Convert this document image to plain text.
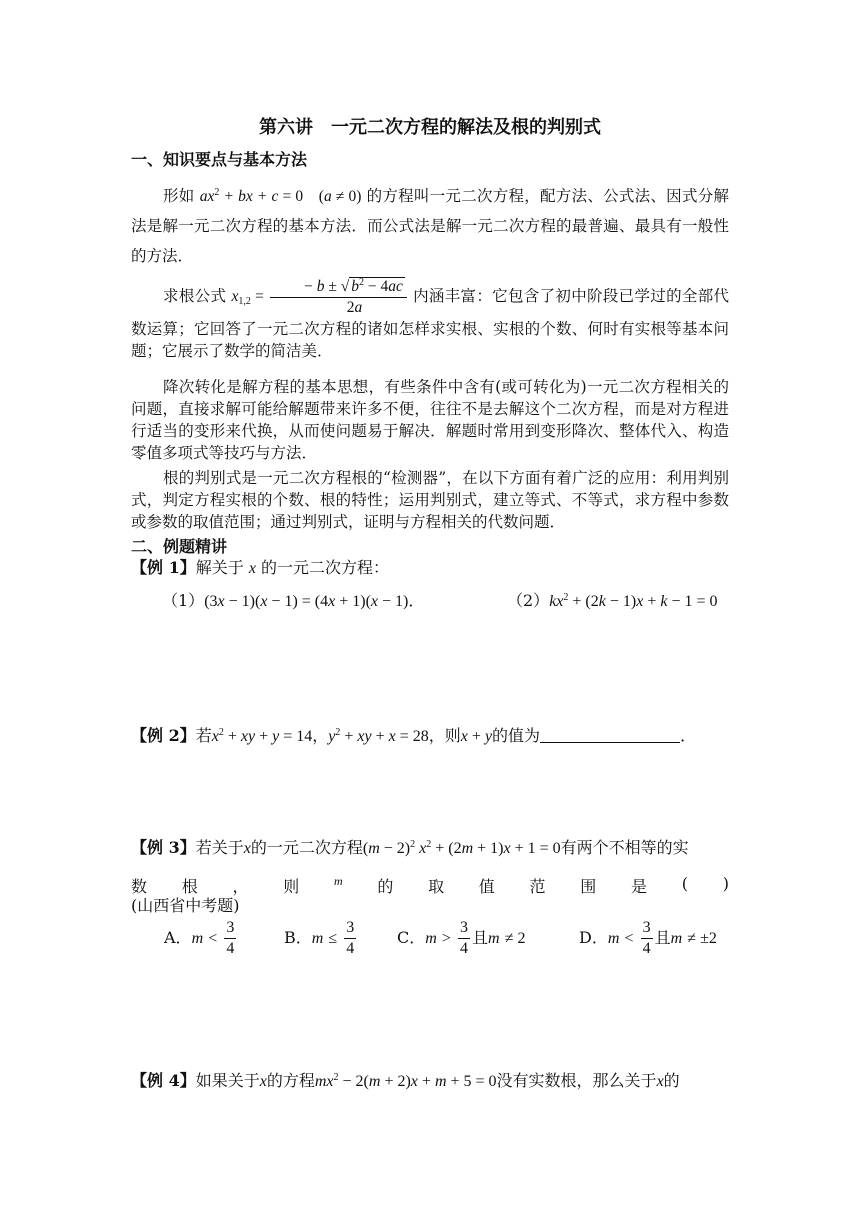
第六讲　一元二次方程的解法及根的判别式
一、知识要点与基本方法
形如 $ax^2$ + bx + c = 0 (a ≠ 0) 的方程叫一元二次方程，配方法、公式法、因式分解法是解一元二次方程的基本方法．而公式法是解一元二次方程的最普遍、最具有一般性的方法．
求根公式 $x_{1,2} = \frac{- b \pm √ b^2 - 4ac}{2a}$ 内涵丰富：它包含了初中阶段已学过的全部代数运算；它回答了一元二次方程的诸如怎样求实根、实根的个数、何时有实根等基本问题；它展示了数学的简洁美．
降次转化是解方程的基本思想，有些条件中含有(或可转化为)一元二次方程相关的问题，直接求解可能给解题带来许多不便，往往不是去解这个二次方程，而是对方程进行适当的变形来代换，从而使问题易于解决．解题时常用到变形降次、整体代入、构造零值多项式等技巧与方法．
根的判别式是一元二次方程根的“检测器”，在以下方面有着广泛的应用：利用判别式，判定方程实根的个数、根的特性；运用判别式，建立等式、不等式，求方程中参数或参数的取值范围；通过判别式，证明与方程相关的代数问题．
二、例题精讲
【例 1】解关于 x 的一元二次方程：
（1）(3x − 1)(x − 1) = (4x + 1)(x − 1)．	$(2)kx^2 + (2k - 1)x + k - 1 = 0$
【例 2】若$x^2$ + xy + y = 14，$y^2$ + xy + x = 28，则x + y的值为	．
【例 3】若关于x的一元二次方程$(m - 2)^2$ $x^2 + (2m + 1)x + 1 = 0$有两个不相等的实
数 根 ， 则	m 的 取 值 范 围 是 ( )
(山西省中考题)
A．$m < \frac{3}{4}$	B．$m \le \frac{3}{4}$	C．$m > \frac{3}{4}$ 且m ≠ 2	D．$m < \frac{3}{4}$ 且m ≠ ±2
【例 4】如果关于x的方程$mx^2 - 2(m + 2)x + m + 5 = 0$没有实数根，那么关于x的
